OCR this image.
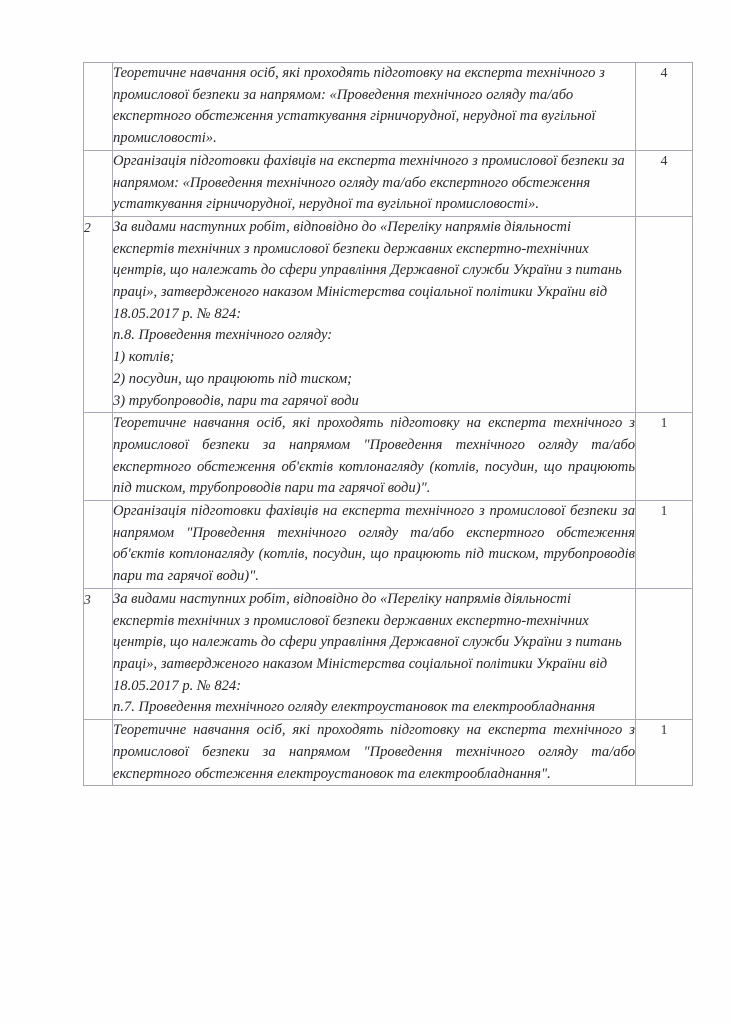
	Теоретичне навчання осіб, які проходять підготовку на експерта технічного з промислової безпеки за напрямом: «Проведення технічного огляду та/або експертного обстеження устаткування гірничорудної, нерудної та вугільної промисловості».	4

	Організація підготовки фахівців на експерта технічного з промислової безпеки за напрямом: «Проведення технічного огляду та/або експертного обстеження устаткування гірничорудної, нерудної та вугільної промисловості».	4
2	За видами наступних робіт, відповідно до «Переліку напрямів діяльності експертів технічних з промислової безпеки державних експертно-технічних центрів, що належать до сфери управління Державної служби України з питань праці», затвердженого наказом Міністерства соціальної політики України від 18.05.2017 р. № 824:

п.8. Проведення технічного огляду:

1) котлів;

2) посудин, що працюють під тиском;

3) трубопроводів, пари та гарячої води	

	Теоретичне навчання осіб, які проходять підготовку на експерта технічного з промислової безпеки за напрямом "Проведення технічного огляду та/або експертного обстеження об'єктів котлонагляду (котлів, посудин, що працюють під тиском, трубопроводів пари та гарячої води)".	1

	Організація підготовки фахівців на експерта технічного з промислової безпеки за напрямом "Проведення технічного огляду та/або експертного обстеження об'єктів котлонагляду (котлів, посудин, що працюють під тиском, трубопроводів пари та гарячої води)".	1
3	За видами наступних робіт, відповідно до «Переліку напрямів діяльності експертів технічних з промислової безпеки державних експертно-технічних центрів, що належать до сфери управління Державної служби України з питань праці», затвердженого наказом Міністерства соціальної політики України від 18.05.2017 р. № 824:

п.7. Проведення технічного огляду електроустановок та електрообладнання	

	Теоретичне навчання осіб, які проходять підготовку на експерта технічного з промислової безпеки за напрямом "Проведення технічного огляду та/або експертного обстеження електроустановок та електрообладнання".	1
